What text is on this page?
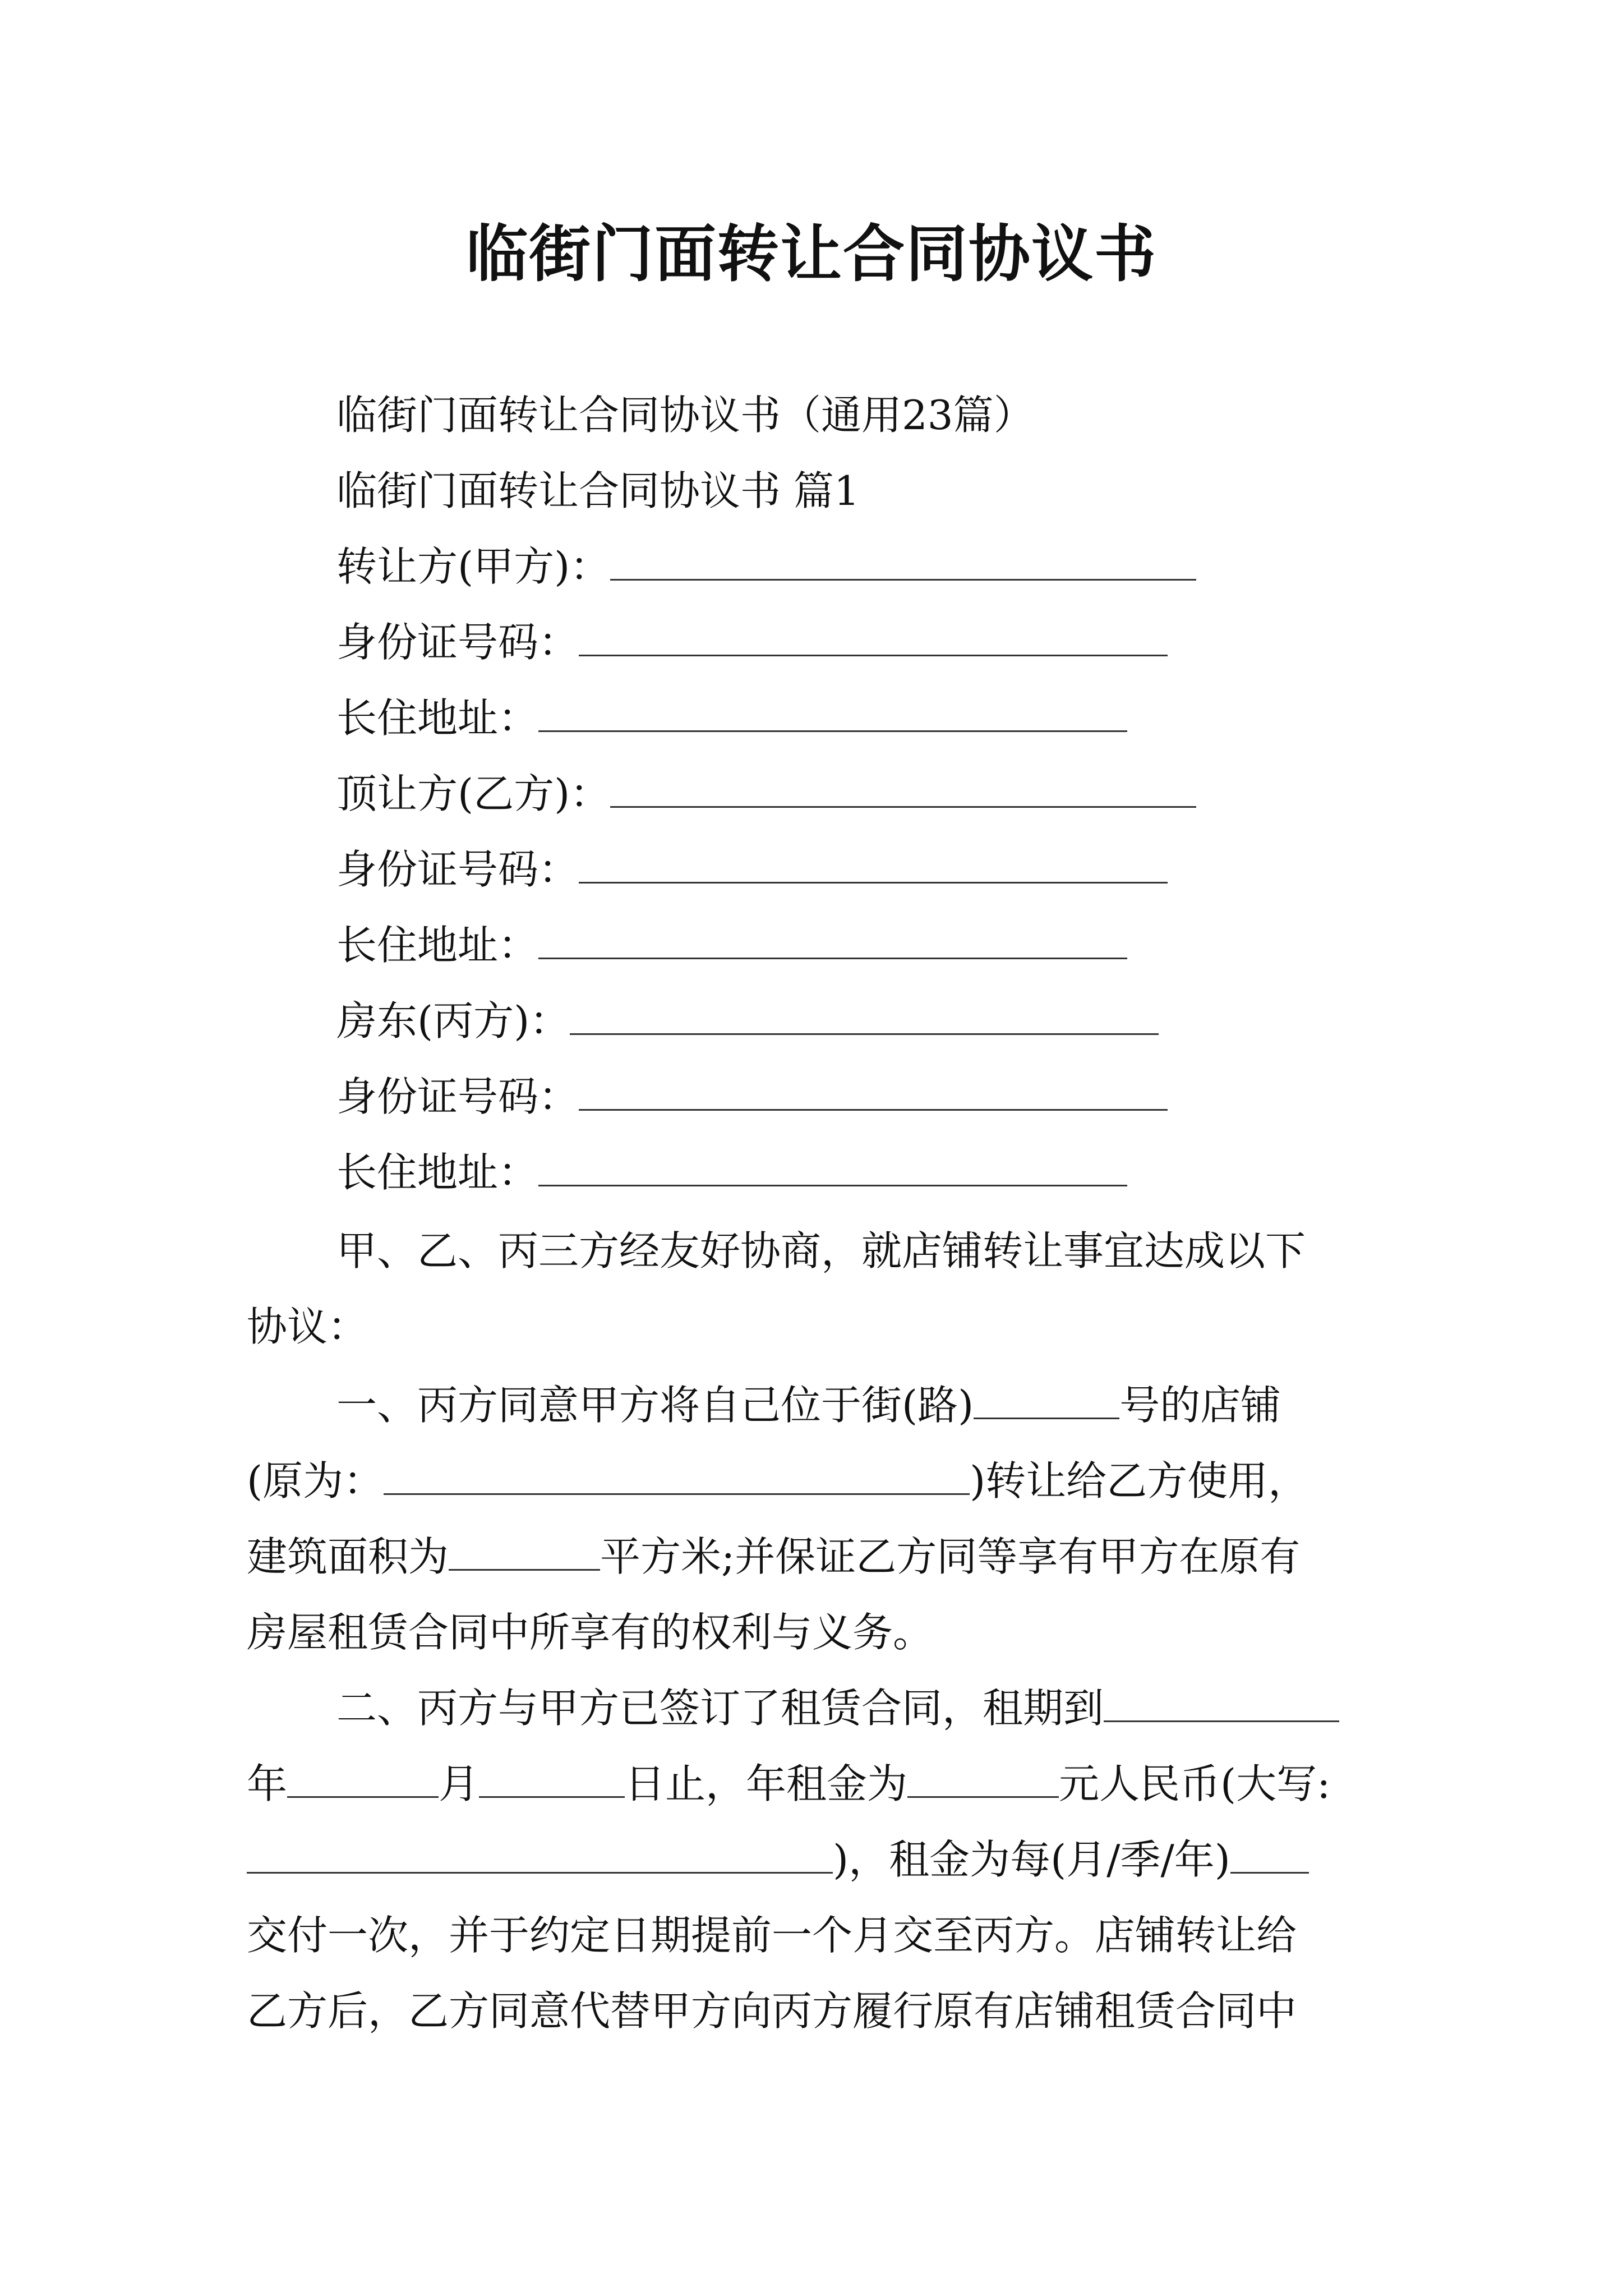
临街门面转让合同协议书
临街门面转让合同协议书（通用23篇）
临街门面转让合同协议书 篇1
转让方(甲方)：
身份证号码：
长住地址：
顶让方(乙方)：
身份证号码：
长住地址：
房东(丙方)：
身份证号码：
长住地址：
甲、乙、丙三方经友好协商，就店铺转让事宜达成以下
协议：
一、丙方同意甲方将自己位于街(路)	号的店铺
(原为：	)转让给乙方使用，
建筑面积为	平方米;并保证乙方同等享有甲方在原有
房屋租赁合同中所享有的权利与义务。
二、丙方与甲方已签订了租赁合同，租期到
年	月	日止，年租金为	元人民币(大写:
)，租金为每(月/季/年)
交付一次，并于约定日期提前一个月交至丙方。店铺转让给
乙方后，乙方同意代替甲方向丙方履行原有店铺租赁合同中
